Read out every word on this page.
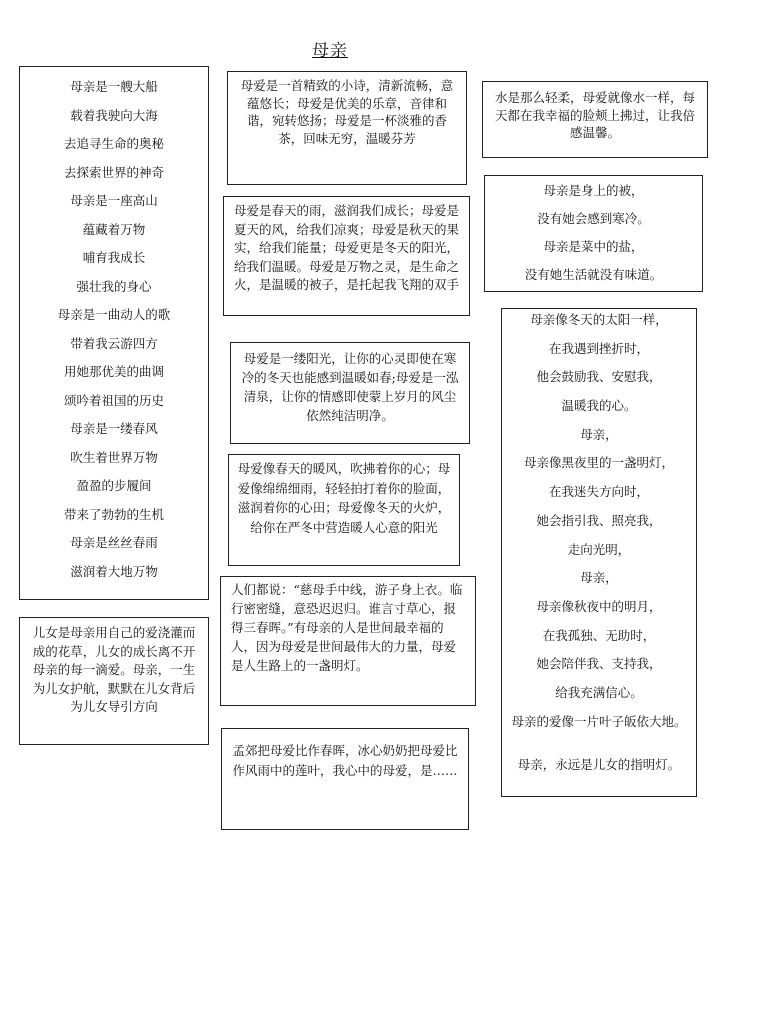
母亲

母亲是一艘大船

载着我驶向大海

去追寻生命的奥秘

去探索世界的神奇

母亲是一座高山

蕴藏着万物

哺育我成长

强壮我的身心

母亲是一曲动人的歌

带着我云游四方

用她那优美的曲调

颂吟着祖国的历史

母亲是一缕春风

吹生着世界万物

盈盈的步履间

带来了勃勃的生机

母亲是丝丝春雨

滋润着大地万物

儿女是母亲用自己的爱浇灌而成的花草，儿女的成长离不开母亲的每一滴爱。母亲，一生为儿女护航，默默在儿女背后为儿女导引方向

母爱是一首精致的小诗，清新流畅，意蕴悠长；母爱是优美的乐章，音律和谐，宛转悠扬；母爱是一杯淡雅的香茶，回味无穷，温暖芬芳

母爱是春天的雨，滋润我们成长；母爱是夏天的风，给我们凉爽；母爱是秋天的果实，给我们能量；母爱更是冬天的阳光，给我们温暖。母爱是万物之灵，是生命之火，是温暖的被子，是托起我飞翔的双手

母爱是一缕阳光，让你的心灵即使在寒冷的冬天也能感到温暖如春;母爱是一泓清泉，让你的情感即使蒙上岁月的风尘依然纯洁明净。

母爱像春天的暖风，吹拂着你的心；母爱像绵绵细雨，轻轻拍打着你的脸面，滋润着你的心田；母爱像冬天的火炉，给你在严冬中营造暖人心意的阳光

人们都说：“慈母手中线，游子身上衣。临行密密缝，意恐迟迟归。谁言寸草心，报得三春晖。”有母亲的人是世间最幸福的人，因为母爱是世间最伟大的力量，母爱是人生路上的一盏明灯。

孟郊把母爱比作春晖，冰心奶奶把母爱比作风雨中的莲叶，我心中的母爱，是……

水是那么轻柔，母爱就像水一样，每天都在我幸福的脸颊上拂过，让我倍感温馨。

母亲是身上的被，

没有她会感到寒冷。

母亲是菜中的盐，

没有她生活就没有味道。

母亲像冬天的太阳一样，

在我遇到挫折时，

他会鼓励我、安慰我，

温暖我的心。

母亲，

母亲像黑夜里的一盏明灯，

在我迷失方向时，

她会指引我、照亮我，

走向光明，

母亲，

母亲像秋夜中的明月，

在我孤独、无助时，

她会陪伴我、支持我，

给我充满信心。

母亲的爱像一片叶子皈依大地。

母亲，永远是儿女的指明灯。
